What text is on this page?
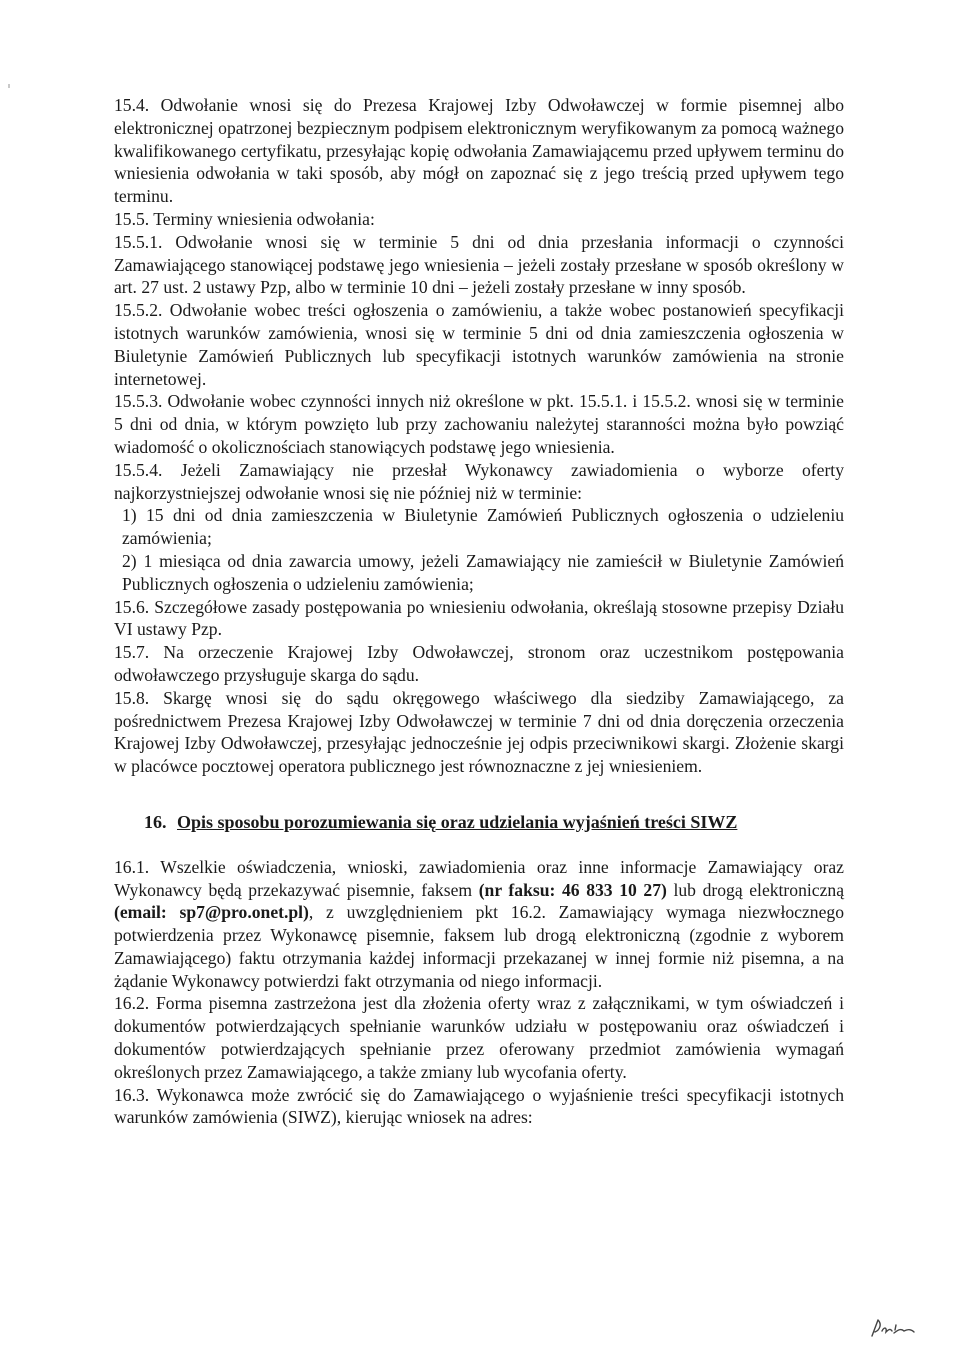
15.4. Odwołanie wnosi się do Prezesa Krajowej Izby Odwoławczej w formie pisemnej albo elektronicznej opatrzonej bezpiecznym podpisem elektronicznym weryfikowanym za pomocą ważnego kwalifikowanego certyfikatu, przesyłając kopię odwołania Zamawiającemu przed upływem terminu do wniesienia odwołania w taki sposób, aby mógł on zapoznać się z jego treścią przed upływem tego terminu.

15.5. Terminy wniesienia odwołania:

15.5.1. Odwołanie wnosi się w terminie 5 dni od dnia przesłania informacji o czynności Zamawiającego stanowiącej podstawę jego wniesienia – jeżeli zostały przesłane w sposób określony w art. 27 ust. 2 ustawy Pzp, albo w terminie 10 dni – jeżeli zostały przesłane w inny sposób.

15.5.2. Odwołanie wobec treści ogłoszenia o zamówieniu, a także wobec postanowień specyfikacji istotnych warunków zamówienia, wnosi się w terminie 5 dni od dnia zamieszczenia ogłoszenia w Biuletynie Zamówień Publicznych lub specyfikacji istotnych warunków zamówienia na stronie internetowej.

15.5.3. Odwołanie wobec czynności innych niż określone w pkt. 15.5.1. i 15.5.2. wnosi się w terminie 5 dni od dnia, w którym powzięto lub przy zachowaniu należytej staranności można było powziąć wiadomość o okolicznościach stanowiących podstawę jego wniesienia.

15.5.4. Jeżeli Zamawiający nie przesłał Wykonawcy zawiadomienia o wyborze oferty najkorzystniejszej odwołanie wnosi się nie później niż w terminie:

1) 15 dni od dnia zamieszczenia w Biuletynie Zamówień Publicznych ogłoszenia o udzieleniu zamówienia;

2) 1 miesiąca od dnia zawarcia umowy, jeżeli Zamawiający nie zamieścił w Biuletynie Zamówień Publicznych ogłoszenia o udzieleniu zamówienia;

15.6. Szczegółowe zasady postępowania po wniesieniu odwołania, określają stosowne przepisy Działu VI ustawy Pzp.

15.7. Na orzeczenie Krajowej Izby Odwoławczej, stronom oraz uczestnikom postępowania odwoławczego przysługuje skarga do sądu.

15.8. Skargę wnosi się do sądu okręgowego właściwego dla siedziby Zamawiającego, za pośrednictwem Prezesa Krajowej Izby Odwoławczej w terminie 7 dni od dnia doręczenia orzeczenia Krajowej Izby Odwoławczej, przesyłając jednocześnie jej odpis przeciwnikowi skargi. Złożenie skargi w placówce pocztowej operatora publicznego jest równoznaczne z jej wniesieniem.

16. Opis sposobu porozumiewania się oraz udzielania wyjaśnień treści SIWZ

16.1. Wszelkie oświadczenia, wnioski, zawiadomienia oraz inne informacje Zamawiający oraz Wykonawcy będą przekazywać pisemnie, faksem (nr faksu: 46 833 10 27) lub drogą elektroniczną (email: sp7@pro.onet.pl), z uwzględnieniem pkt 16.2. Zamawiający wymaga niezwłocznego potwierdzenia przez Wykonawcę pisemnie, faksem lub drogą elektroniczną (zgodnie z wyborem Zamawiającego) faktu otrzymania każdej informacji przekazanej w innej formie niż pisemna, a na żądanie Wykonawcy potwierdzi fakt otrzymania od niego informacji.

16.2. Forma pisemna zastrzeżona jest dla złożenia oferty wraz z załącznikami, w tym oświadczeń i dokumentów potwierdzających spełnianie warunków udziału w postępowaniu oraz oświadczeń i dokumentów potwierdzających spełnianie przez oferowany przedmiot zamówienia wymagań określonych przez Zamawiającego, a także zmiany lub wycofania oferty.

16.3. Wykonawca może zwrócić się do Zamawiającego o wyjaśnienie treści specyfikacji istotnych warunków zamówienia (SIWZ), kierując wniosek na adres:
